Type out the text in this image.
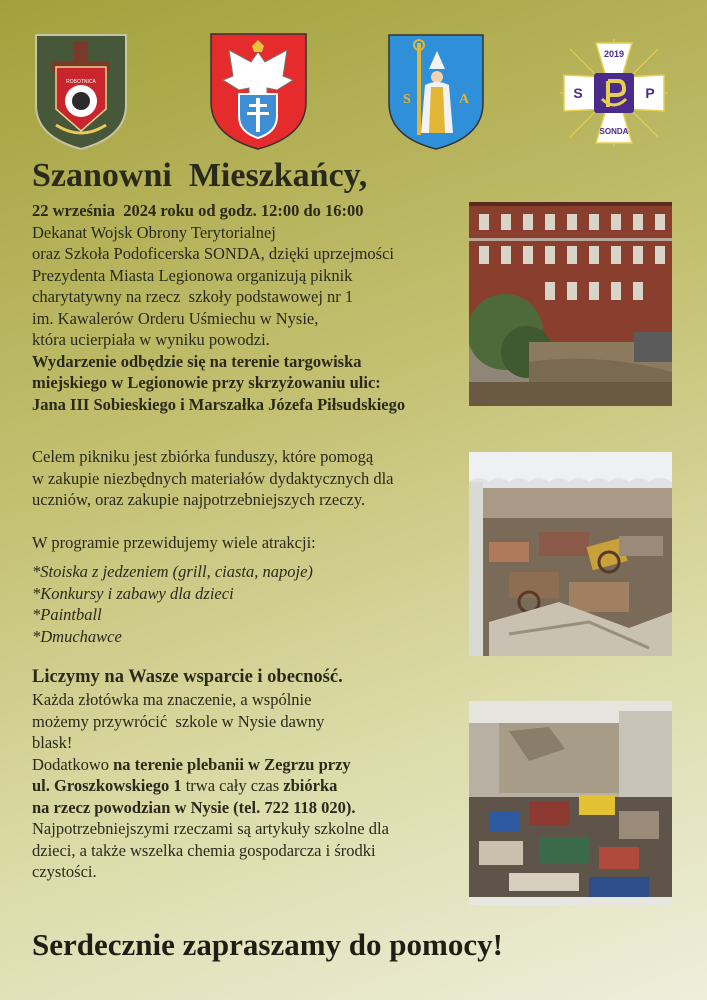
ROBOTNICA
S	A
2019
S	P
SONDA
Szanowni  Mieszkańcy,

22 września  2024 roku od godz. 12:00 do 16:00

Dekanat Wojsk Obrony Terytorialnej

oraz Szkoła Podoficerska SONDA, dzięki uprzejmości

Prezydenta Miasta Legionowa organizują piknik

charytatywny na rzecz  szkoły podstawowej nr 1

im. Kawalerów Orderu Uśmiechu w Nysie,

która ucierpiała w wyniku powodzi.

Wydarzenie odbędzie się na terenie targowiska

miejskiego w Legionowie przy skrzyżowaniu ulic:

Jana III Sobieskiego i Marszałka Józefa Piłsudskiego

Celem pikniku jest zbiórka funduszy, które pomogą

w zakupie niezbędnych materiałów dydaktycznych dla

uczniów, oraz zakupie najpotrzebniejszych rzeczy.

W programie przewidujemy wiele atrakcji:

*Stoiska z jedzeniem (grill, ciasta, napoje)

*Konkursy i zabawy dla dzieci

*Paintball

*Dmuchawce

Liczymy na Wasze wsparcie i obecność.

Każda złotówka ma znaczenie, a wspólnie

możemy przywrócić  szkole w Nysie dawny

blask!

Dodatkowo na terenie plebanii w Zegrzu przy

ul. Groszkowskiego 1 trwa cały czas zbiórka

na rzecz powodzian w Nysie (tel. 722 118 020).

Najpotrzebniejszymi rzeczami są artykuły szkolne dla

dzieci, a także wszelka chemia gospodarcza i środki

czystości.

Serdecznie zapraszamy do pomocy!
